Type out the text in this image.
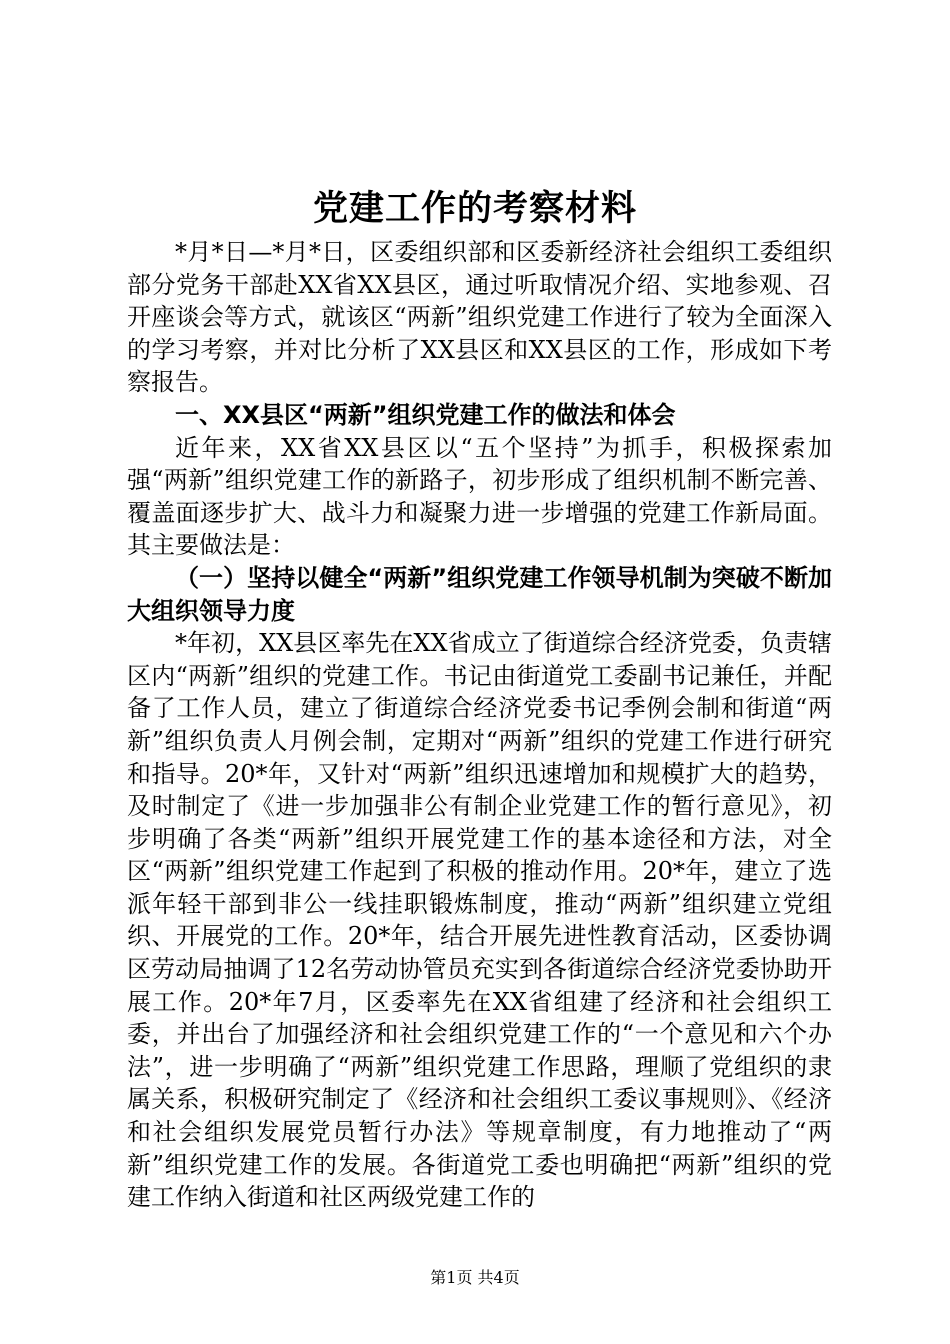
党建工作的考察材料

*月*日—*月*日，区委组织部和区委新经济社会组织工委组织部分党务干部赴XX省XX县区，通过听取情况介绍、实地参观、召开座谈会等方式，就该区“两新”组织党建工作进行了较为全面深入的学习考察，并对比分析了XX县区和XX县区的工作，形成如下考察报告。

一、XX县区“两新”组织党建工作的做法和体会

近年来，XX省XX县区以“五个坚持”为抓手，积极探索加强“两新”组织党建工作的新路子，初步形成了组织机制不断完善、覆盖面逐步扩大、战斗力和凝聚力进一步增强的党建工作新局面。其主要做法是：

（一）坚持以健全“两新”组织党建工作领导机制为突破不断加大组织领导力度

*年初，XX县区率先在XX省成立了街道综合经济党委，负责辖区内“两新”组织的党建工作。书记由街道党工委副书记兼任，并配备了工作人员，建立了街道综合经济党委书记季例会制和街道“两新”组织负责人月例会制，定期对“两新”组织的党建工作进行研究和指导。20*年，又针对“两新”组织迅速增加和规模扩大的趋势，及时制定了《进一步加强非公有制企业党建工作的暂行意见》，初步明确了各类“两新”组织开展党建工作的基本途径和方法，对全区“两新”组织党建工作起到了积极的推动作用。20*年，建立了选派年轻干部到非公一线挂职锻炼制度，推动“两新”组织建立党组织、开展党的工作。20*年，结合开展先进性教育活动，区委协调区劳动局抽调了12名劳动协管员充实到各街道综合经济党委协助开展工作。20*年7月，区委率先在XX省组建了经济和社会组织工委，并出台了加强经济和社会组织党建工作的“一个意见和六个办法”，进一步明确了“两新”组织党建工作思路，理顺了党组织的隶属关系，积极研究制定了《经济和社会组织工委议事规则》、《经济和社会组织发展党员暂行办法》等规章制度，有力地推动了“两新”组织党建工作的发展。各街道党工委也明确把“两新”组织的党建工作纳入街道和社区两级党建工作的

第1页 共4页
